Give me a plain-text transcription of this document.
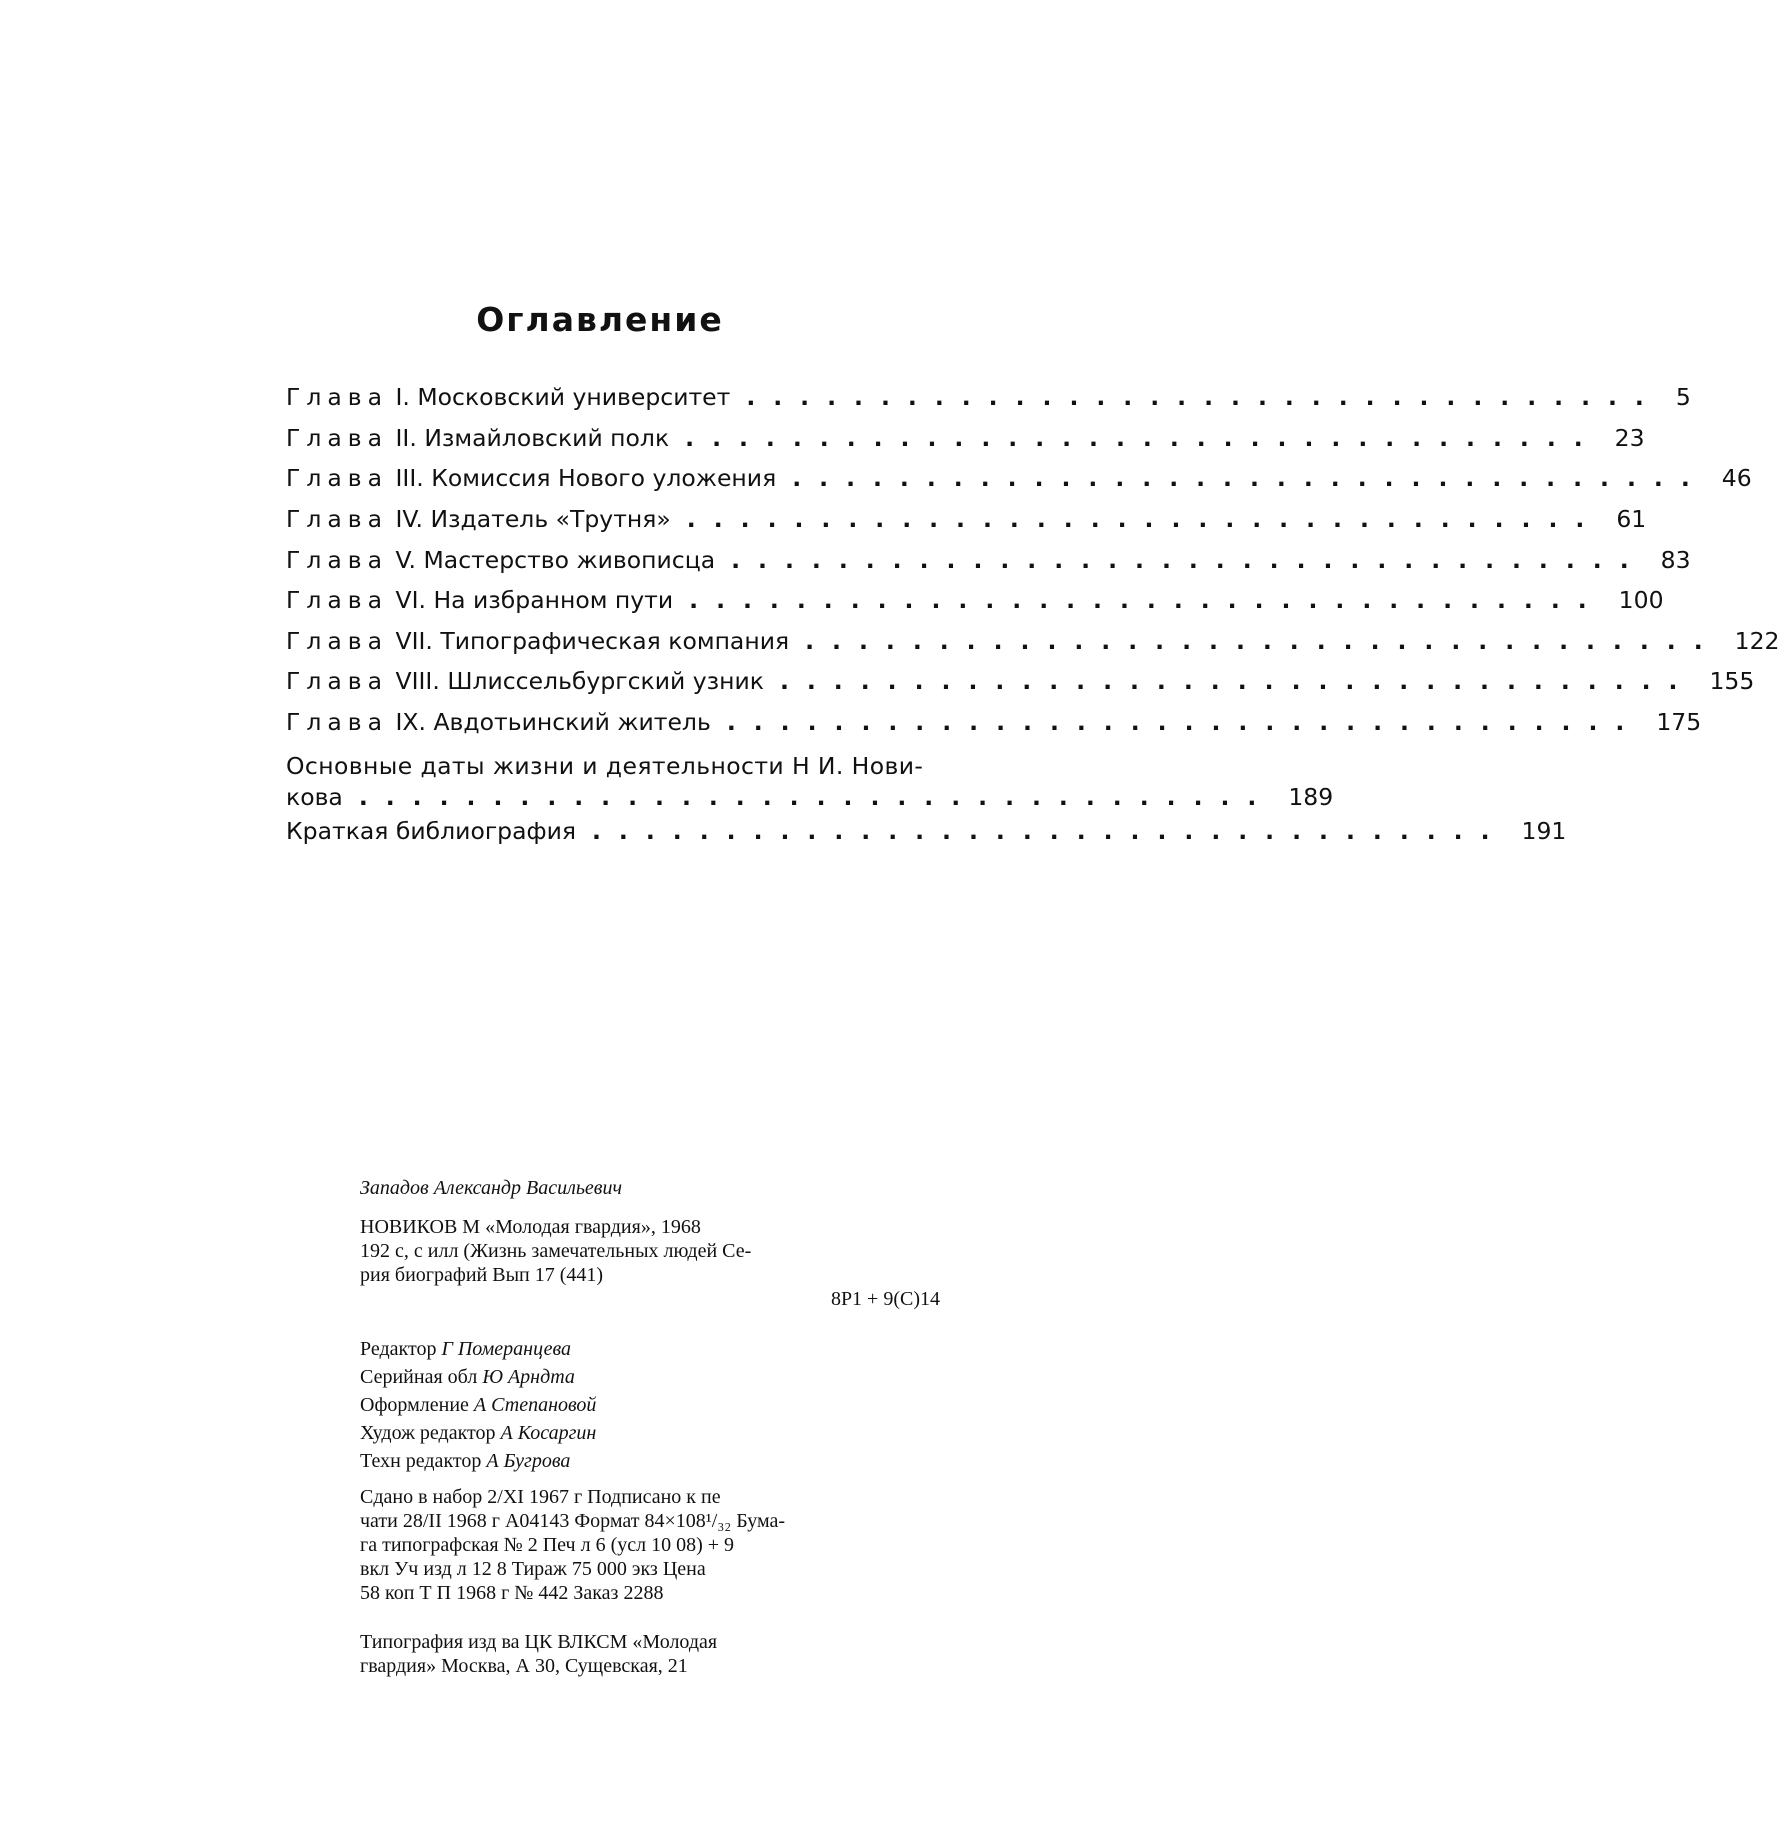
Оглавление
Глава
I.
Московский университет .................................. 5
Глава
II.
Измайловский полк .................................. 23
Глава
III.
Комиссия Нового уложения .................................. 46
Глава
IV.
Издатель «Трутня» .................................. 61
Глава
V.
Мастерство живописца .................................. 83
Глава
VI.
На избранном пути .................................. 100
Глава
VII.
Типографическая компания .................................. 122
Глава
VIII.
Шлиссельбургский узник .................................. 155
Глава
IX.
Авдотьинский житель .................................. 175
Основные даты жизни и деятельности Н И. Нови-
кова .................................. 189
Краткая библиография .................................. 191
Западов Александр Васильевич
НОВИКОВ М «Молодая гвардия», 1968
192 с, с илл (Жизнь замечательных людей Се-
рия биографий Вып 17 (441)
8Р1 + 9(С)14
Редактор Г Померанцева
Серийная обл Ю Арндта
Оформление А Степановой
Худож редактор А Косаргин
Техн редактор А Бугрова
Сдано в набор 2/XI 1967 г Подписано к пе
чати 28/II 1968 г А04143 Формат 84×108¹/₃₂ Бума-
га типографская № 2 Печ л 6 (усл 10 08) + 9
вкл Уч изд л 12 8 Тираж 75 000 экз Цена
58 коп Т П 1968 г № 442 Заказ 2288
Типография изд ва ЦК ВЛКСМ «Молодая
гвардия» Москва, А 30, Сущевская, 21
